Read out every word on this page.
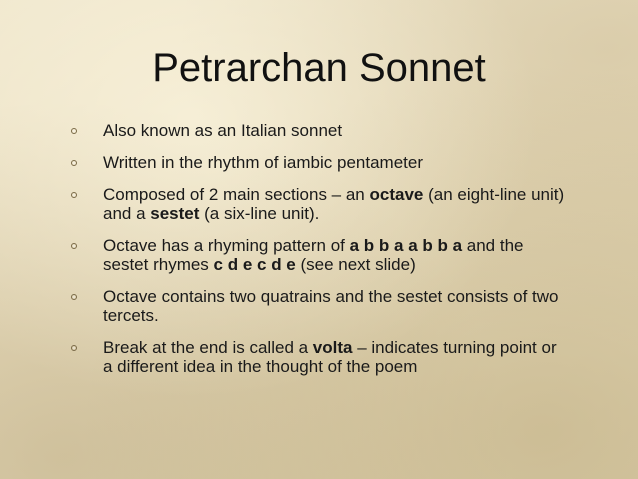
Petrarchan Sonnet
Also known as an Italian sonnet
Written in the rhythm of iambic pentameter
Composed of 2 main sections – an octave (an eight-line unit) and a sestet (a six-line unit).
Octave has a rhyming pattern of a b b a a b b a and the sestet rhymes c d e c d e (see next slide)
Octave contains two quatrains and the sestet consists of two tercets.
Break at the end is called a volta – indicates turning point or a different idea in the thought of the poem
